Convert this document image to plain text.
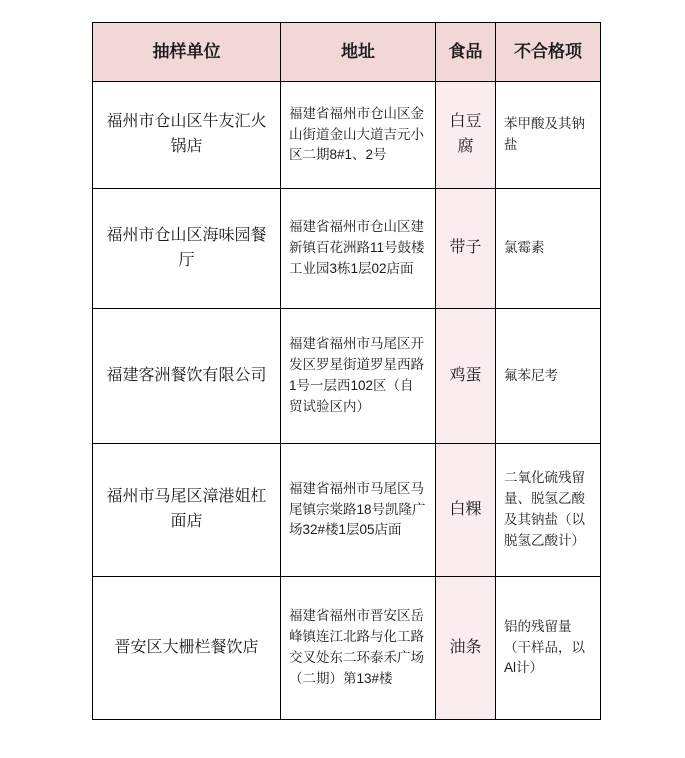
抽样单位	地址	食品	不合格项
福州市仓山区牛友汇火锅店	福建省福州市仓山区金山街道金山大道吉元小区二期8#1、2号	白豆腐	苯甲酸及其钠盐
福州市仓山区海味园餐厅	福建省福州市仓山区建新镇百花洲路11号鼓楼工业园3栋1层02店面	带子	氯霉素
福建客洲餐饮有限公司	福建省福州市马尾区开发区罗星街道罗星西路1号一层西102区（自贸试验区内）	鸡蛋	氟苯尼考
福州市马尾区漳港姐杠面店	福建省福州市马尾区马尾镇宗棠路18号凯隆广场32#楼1层05店面	白粿	二氧化硫残留量、脱氢乙酸及其钠盐（以脱氢乙酸计）
晋安区大栅栏餐饮店	福建省福州市晋安区岳峰镇连江北路与化工路交叉处东二环泰禾广场（二期）第13#楼	油条	铝的残留量（干样品，以Al计）
